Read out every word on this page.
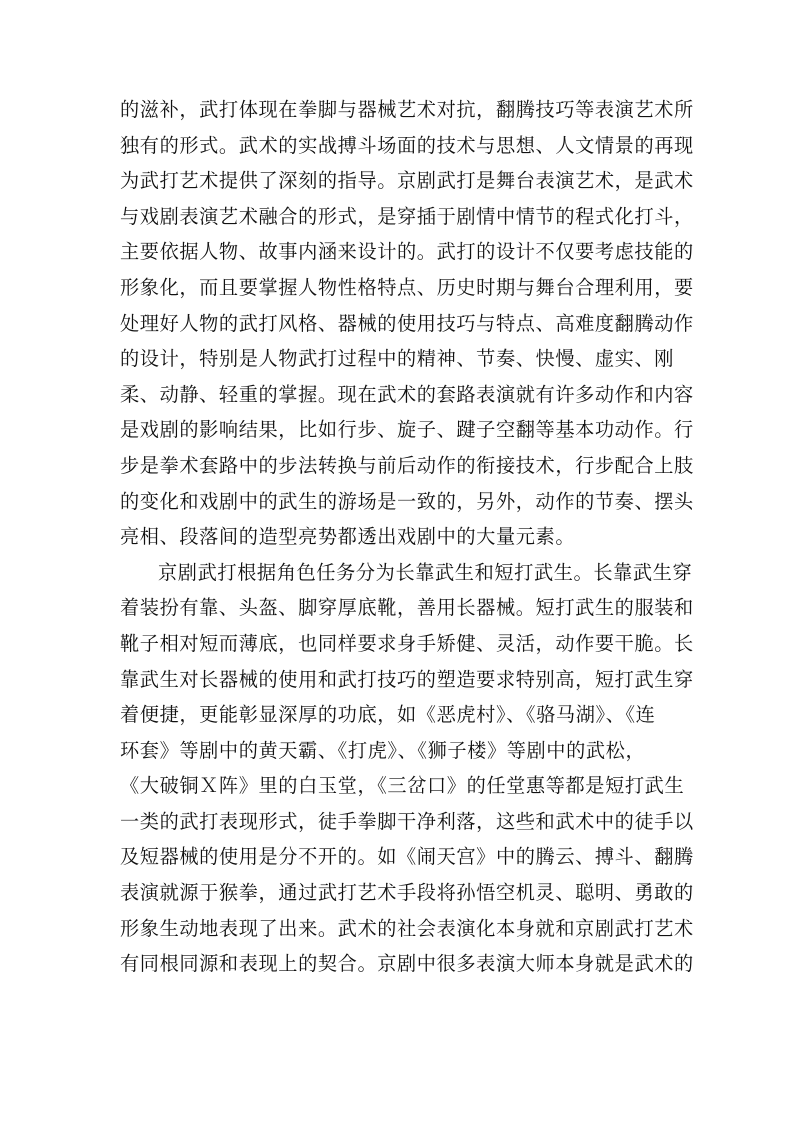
的滋补，武打体现在拳脚与器械艺术对抗，翻腾技巧等表演艺术所
独有的形式。武术的实战搏斗场面的技术与思想、人文情景的再现
为武打艺术提供了深刻的指导。京剧武打是舞台表演艺术，是武术
与戏剧表演艺术融合的形式，是穿插于剧情中情节的程式化打斗，
主要依据人物、故事内涵来设计的。武打的设计不仅要考虑技能的
形象化，而且要掌握人物性格特点、历史时期与舞台合理利用，要
处理好人物的武打风格、器械的使用技巧与特点、高难度翻腾动作
的设计，特别是人物武打过程中的精神、节奏、快慢、虚实、刚
柔、动静、轻重的掌握。现在武术的套路表演就有许多动作和内容
是戏剧的影响结果，比如行步、旋子、踺子空翻等基本功动作。行
步是拳术套路中的步法转换与前后动作的衔接技术，行步配合上肢
的变化和戏剧中的武生的游场是一致的，另外，动作的节奏、摆头
亮相、段落间的造型亮势都透出戏剧中的大量元素。
京剧武打根据角色任务分为长靠武生和短打武生。长靠武生穿
着装扮有靠、头盔、脚穿厚底靴，善用长器械。短打武生的服装和
靴子相对短而薄底，也同样要求身手矫健、灵活，动作要干脆。长
靠武生对长器械的使用和武打技巧的塑造要求特别高，短打武生穿
着便捷，更能彰显深厚的功底，如《恶虎村》、《骆马湖》、《连
环套》等剧中的黄天霸、《打虎》、《狮子楼》等剧中的武松，
《大破铜Ｘ阵》里的白玉堂，《三岔口》的任堂惠等都是短打武生
一类的武打表现形式，徒手拳脚干净利落，这些和武术中的徒手以
及短器械的使用是分不开的。如《闹天宫》中的腾云、搏斗、翻腾
表演就源于猴拳，通过武打艺术手段将孙悟空机灵、聪明、勇敢的
形象生动地表现了出来。武术的社会表演化本身就和京剧武打艺术
有同根同源和表现上的契合。京剧中很多表演大师本身就是武术的
